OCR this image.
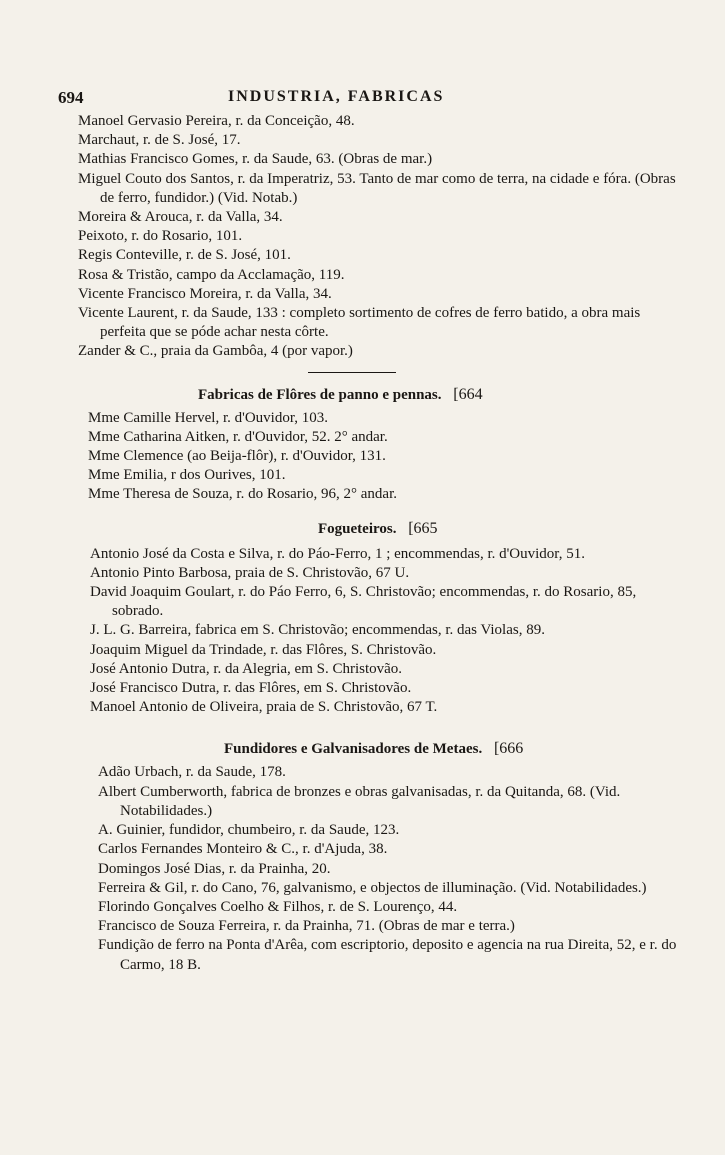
694	INDUSTRIA, FABRICAS

Manoel Gervasio Pereira, r. da Conceição, 48.

Marchaut, r. de S. José, 17.

Mathias Francisco Gomes, r. da Saude, 63. (Obras de mar.)

Miguel Couto dos Santos, r. da Imperatriz, 53. Tanto de mar como de terra, na cidade e fóra. (Obras de ferro, fundidor.) (Vid. Notab.)

Moreira & Arouca, r. da Valla, 34.

Peixoto, r. do Rosario, 101.

Regis Conteville, r. de S. José, 101.

Rosa & Tristão, campo da Acclamação, 119.

Vicente Francisco Moreira, r. da Valla, 34.

Vicente Laurent, r. da Saude, 133 : completo sortimento de cofres de ferro batido, a obra mais perfeita que se póde achar nesta côrte.

Zander & C., praia da Gambôa, 4 (por vapor.)

Fabricas de Flôres de panno e pennas. [664

Mme Camille Hervel, r. d'Ouvidor, 103.

Mme Catharina Aitken, r. d'Ouvidor, 52. 2° andar.

Mme Clemence (ao Beija-flôr), r. d'Ouvidor, 131.

Mme Emilia, r dos Ourives, 101.

Mme Theresa de Souza, r. do Rosario, 96, 2° andar.

Fogueteiros. [665

Antonio José da Costa e Silva, r. do Páo-Ferro, 1 ; encommendas, r. d'Ouvidor, 51.

Antonio Pinto Barbosa, praia de S. Christovão, 67 U.

David Joaquim Goulart, r. do Páo Ferro, 6, S. Christovão; encommendas, r. do Rosario, 85, sobrado.

J. L. G. Barreira, fabrica em S. Christovão; encommendas, r. das Violas, 89.

Joaquim Miguel da Trindade, r. das Flôres, S. Christovão.

José Antonio Dutra, r. da Alegria, em S. Christovão.

José Francisco Dutra, r. das Flôres, em S. Christovão.

Manoel Antonio de Oliveira, praia de S. Christovão, 67 T.

Fundidores e Galvanisadores de Metaes. [666

Adão Urbach, r. da Saude, 178.

Albert Cumberworth, fabrica de bronzes e obras galvanisadas, r. da Quitanda, 68. (Vid. Notabilidades.)

A. Guinier, fundidor, chumbeiro, r. da Saude, 123.

Carlos Fernandes Monteiro & C., r. d'Ajuda, 38.

Domingos José Dias, r. da Prainha, 20.

Ferreira & Gil, r. do Cano, 76, galvanismo, e objectos de illuminação. (Vid. Notabilidades.)

Florindo Gonçalves Coelho & Filhos, r. de S. Lourenço, 44.

Francisco de Souza Ferreira, r. da Prainha, 71. (Obras de mar e terra.)

Fundição de ferro na Ponta d'Arêa, com escriptorio, deposito e agencia na rua Direita, 52, e r. do Carmo, 18 B.
